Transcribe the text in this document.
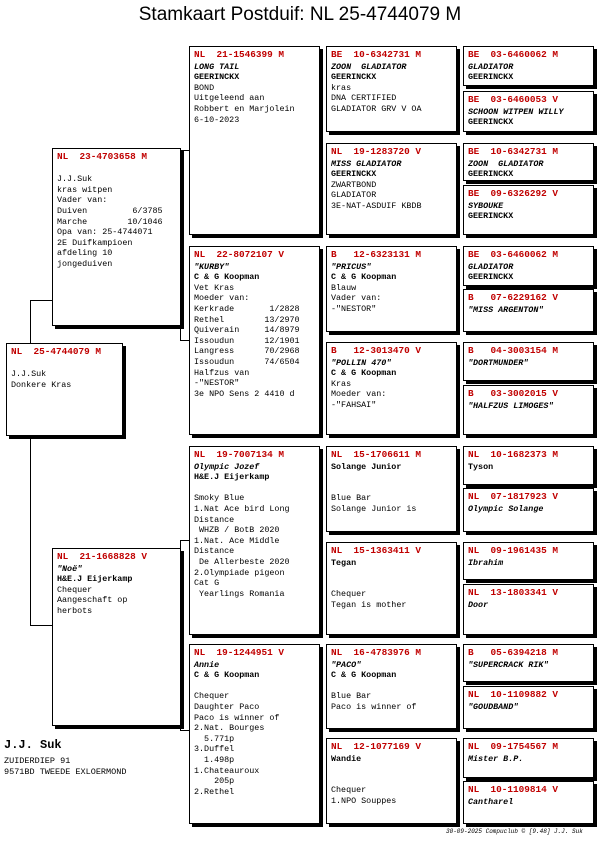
Stamkaart Postduif: NL 25-4744079 M
NL  25-4744079 M
J.J.Suk
Donkere Kras
NL  23-4703658 M
J.J.Suk
kras witpen
Vader van:
Duiven         6/3785
Marche        10/1046
Opa van: 25-4744071
2E Duifkampioen
afdeling 10
jongeduiven
NL  21-1668828 V
"Noë"
H&E.J Eijerkamp
Chequer
Aangeschaft op
herbots
NL  21-1546399 M
LONG TAIL
GEERINCKX
BOND
Uitgeleend aan
Robbert en Marjolein
6-10-2023
NL  22-8072107 V
"KURBY"
C & G Koopman
Vet Kras
Moeder van:
Kerkrade       1/2828
Rethel        13/2970
Quiverain     14/8979
Issoudun      12/1901
Langress      70/2968
Issoudun      74/6504
Halfzus van
-"NESTOR"
3e NPO Sens 2 4410 d
NL  19-7007134 M
Olympic Jozef
H&E.J Eijerkamp
Smoky Blue
1.Nat Ace bird Long
Distance
WHZB / BotB 2020
1.Nat. Ace Middle
Distance
De Allerbeste 2020
2.Olympiade pigeon
Cat G
Yearlings Romania
NL  19-1244951 V
Annie
C & G Koopman
Chequer
Daughter Paco
Paco is winner of
2.Nat. Bourges
5.771p
3.Duffel
1.498p
1.Chateauroux
205p
2.Rethel
BE  10-6342731 M
ZOON  GLADIATOR
GEERINCKX
kras
DNA CERTIFIED
GLADIATOR GRV V OA
NL  19-1283720 V
MISS GLADIATOR
GEERINCKX
ZWARTBOND
GLADIATOR
3E-NAT-ASDUIF KBDB
B   12-6323131 M
"PRICUS"
C & G Koopman
Blauw
Vader van:
-"NESTOR"
B   12-3013470 V
"POLLIN 470"
C & G Koopman
Kras
Moeder van:
-"FAHSAI"
NL  15-1706611 M
Solange Junior
Blue Bar
Solange Junior is
NL  15-1363411 V
Tegan
Chequer
Tegan is mother
NL  16-4783976 M
"PACO"
C & G Koopman
Blue Bar
Paco is winner of
NL  12-1077169 V
Wandie
Chequer
1.NPO Souppes
BE  03-6460062 M
GLADIATOR
GEERINCKX
BE  03-6460053 V
SCHOON WITPEN WILLY
GEERINCKX
BE  10-6342731 M
ZOON  GLADIATOR
GEERINCKX
BE  09-6326292 V
SYBOUKE
GEERINCKX
BE  03-6460062 M
GLADIATOR
GEERINCKX
B   07-6229162 V
"MISS ARGENTON"
B   04-3003154 M
"DORTMUNDER"
B   03-3002015 V
"HALFZUS LIMOGES"
NL  10-1682373 M
Tyson
NL  07-1817923 V
Olympic Solange
NL  09-1961435 M
Ibrahim
NL  13-1803341 V
Door
B   05-6394218 M
"SUPERCRACK RIK"
NL  10-1109882 V
"GOUDBAND"
NL  09-1754567 M
Mister B.P.
NL  10-1109814 V
Cantharel
J.J. Suk
ZUIDERDIEP 91
9571BD TWEEDE EXLOERMOND
30-09-2025 Compuclub © [9.48] J.J. Suk
